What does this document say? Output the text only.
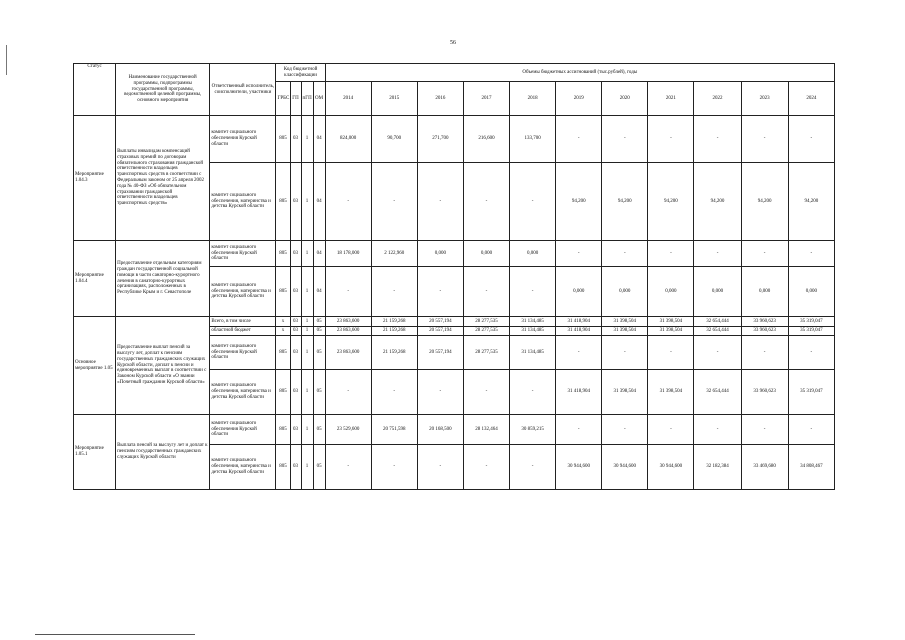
56
Статус	Наименование государственной программы, подпрограммы государственной программы, ведомственной целевой программы, основного мероприятия	Ответственный исполнитель, соисполнители, участники	Код бюджетной классификации				Объемы бюджетных ассигнований (тыс.рублей), годы										
			ГРБС	ГП	пГП	ОМ	2014	2015	2016	2017	2018	2019	2020	2021	2022	2023	2024
Мероприятие 1.04.3	Выплаты инвалидам компенсаций страховых премий по договорам обязательного страхования гражданской ответственности владельцев транспортных средств в соответствии с Федеральным законом от 25 апреля 2002 года № 40-ФЗ «Об обязательном страховании гражданской ответственности владельцев транспортных средств»	комитет социального обеспечения Курской области	805	03	1	04	824,000	90,700	271,700	216,600	133,700	-	-	-	-	-	-
		комитет социального обеспечения, материнства и детства Курской области	805	03	1	04	-	-	-	-	-	94,200	94,200	94,200	94,200	94,200	94,200
Мероприятие 1.04.4	Предоставление отдельным категориям граждан государственной социальной помощи в части санаторно-курортного лечения в санаторно-курортных организациях, расположенных в Республике Крым и г. Севастополе	комитет социального обеспечения Курской области	805	03	1	04	18 178,000	2 122,960	0,000	0,000	0,000	-	-	-	-	-	-
		комитет социального обеспечения, материнства и детства Курской области	805	03	1	04	-	-	-	-	-	0,000	0,000	0,000	0,000	0,000	0,000
Основное мероприятие 1.05	Предоставление выплат пенсий за выслугу лет, доплат к пенсиям государственных гражданских служащих Курской области, доплат к пенсии и единовременных выплат в соответствии с Законом Курской области «О звании «Почетный гражданин Курской области»	Всего, в том числе	х	03	1	05	23 863,600	21 159,268	20 557,194	28 277,535	31 134,485	31 418,904	31 398,504	31 398,504	32 654,444	33 960,623	35 319,047
		областной бюджет	х	03	1	05	23 863,600	21 159,268	20 557,194	28 277,535	31 134,485	31 418,904	31 398,504	31 398,504	32 654,444	33 960,623	35 319,047
		комитет социального обеспечения Курской области	805	03	1	05	23 863,600	21 159,268	20 557,194	28 277,535	31 134,485	-	-	-	-	-	-
		комитет социального обеспечения, материнства и детства Курской области	805	03	1	05	-	-	-	-	-	31 418,904	31 398,504	31 398,504	32 654,444	33 960,623	35 319,047
Мероприятие 1.05.1	Выплата пенсий за выслугу лет и доплат к пенсиям государственных гражданских служащих Курской области	комитет социального обеспечения Курской области	805	03	1	05	23 529,600	20 751,598	20 168,500	28 132,464	30 859,215	-	-	-	-	-	-
		комитет социального обеспечения, материнства и детства Курской области	805	03	1	05	-	-	-	-	-	30 944,600	30 944,600	30 944,600	32 182,384	33 469,680	34 808,467
